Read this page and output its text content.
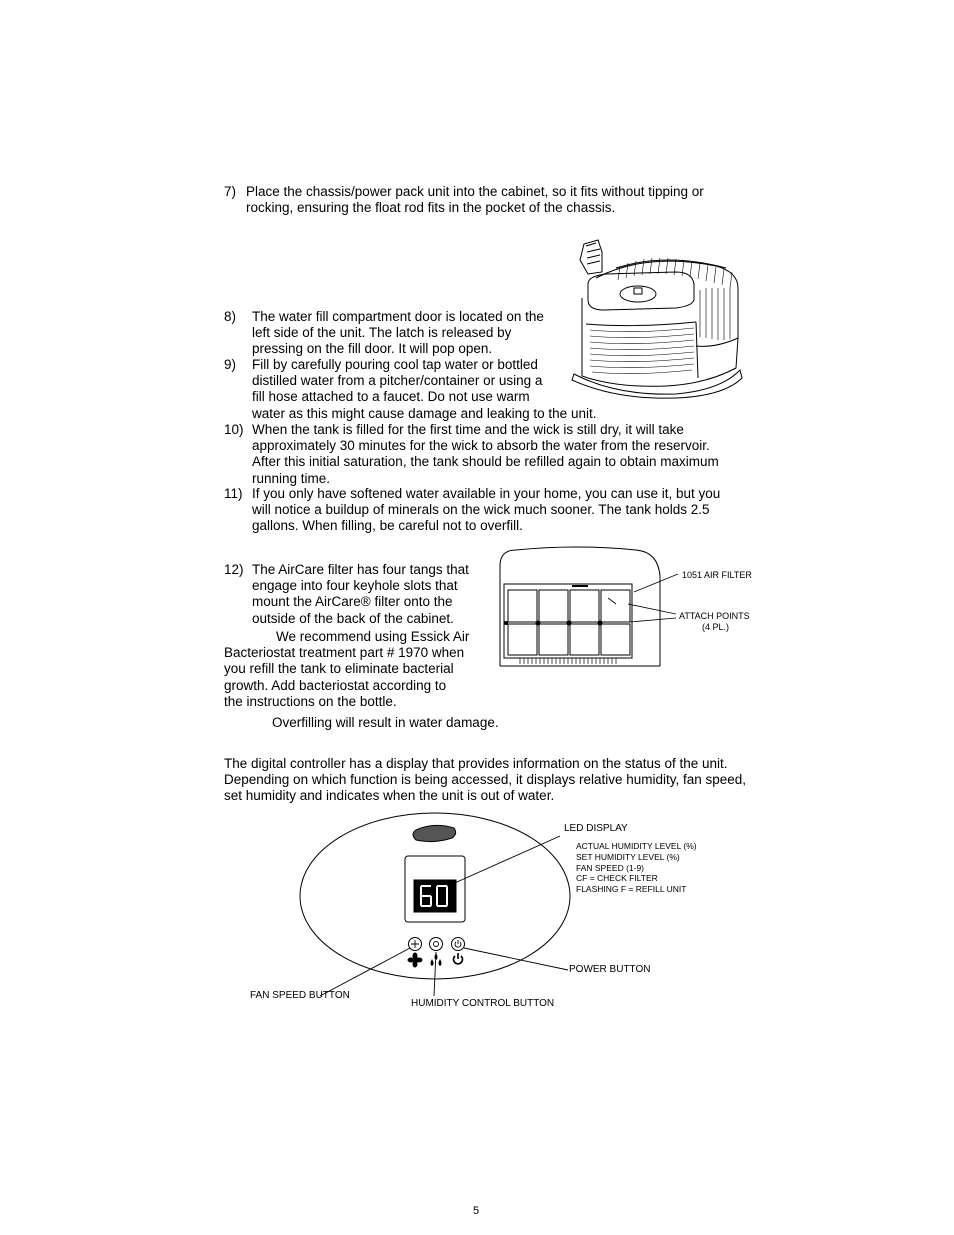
7) Place the chassis/power pack unit into the cabinet, so it fits without tipping or
rocking, ensuring the float rod fits in the pocket of the chassis.
8) The water fill compartment door is located on the
left side of the unit. The latch is released by
pressing on the fill door. It will pop open.
9) Fill by carefully pouring cool tap water or bottled
distilled water from a pitcher/container or using a
fill hose attached to a faucet. Do not use warm
water as this might cause damage and leaking to the unit.
10) When the tank is filled for the first time and the wick is still dry, it will take
approximately 30 minutes for the wick to absorb the water from the reservoir.
After this initial saturation, the tank should be refilled again to obtain maximum
running time.
11) If you only have softened water available in your home, you can use it, but you
will notice a buildup of minerals on the wick much sooner. The tank holds 2.5
gallons. When filling, be careful not to overfill.
12) The AirCare filter has four tangs that
engage into four keyhole slots that
mount the AirCare® filter onto the
outside of the back of the cabinet.
We recommend using Essick Air
Bacteriostat treatment part # 1970 when
you refill the tank to eliminate bacterial
growth. Add bacteriostat according to
the instructions on the bottle.
Overfilling will result in water damage.
1051 AIR FILTER
ATTACH POINTS
(4 PL.)
The digital controller has a display that provides information on the status of the unit.
Depending on which function is being accessed, it displays relative humidity, fan speed,
set humidity and indicates when the unit is out of water.
LED DISPLAY
ACTUAL HUMIDITY LEVEL (%)
SET HUMIDITY LEVEL (%)
FAN SPEED (1-9)
CF = CHECK FILTER
FLASHING F = REFILL UNIT
POWER BUTTON
FAN SPEED BUTTON
HUMIDITY CONTROL BUTTON
5
